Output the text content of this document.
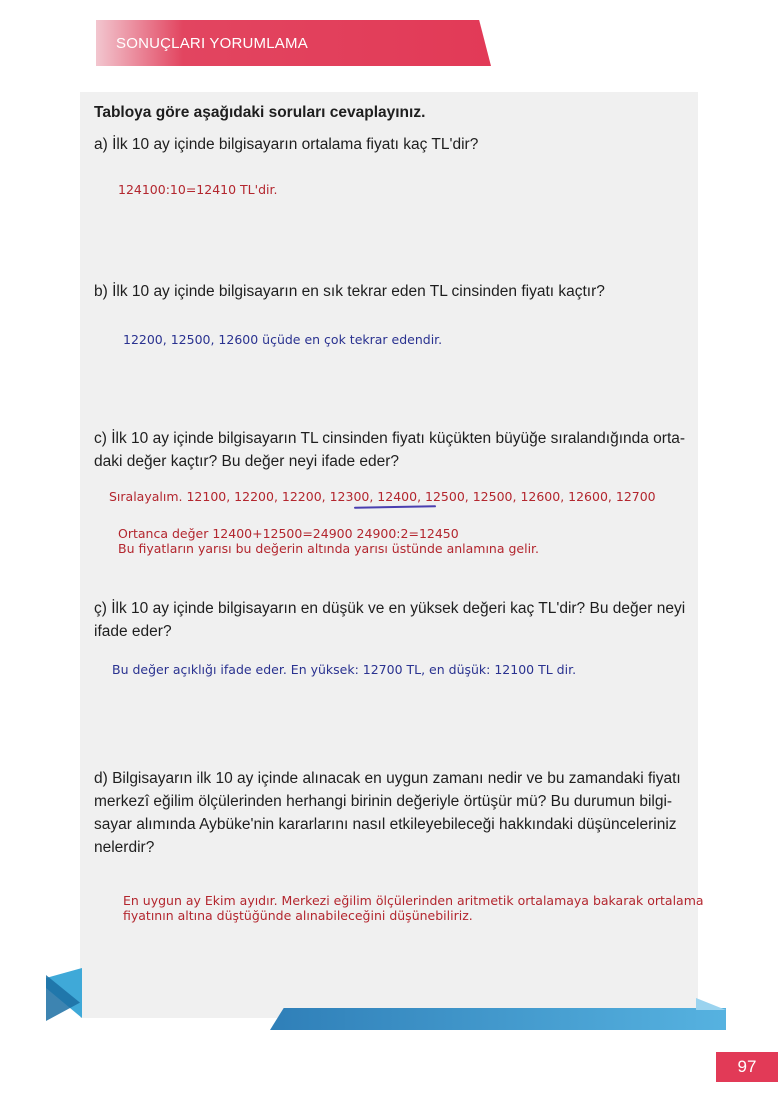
SONUÇLARI YORUMLAMA

Tabloya göre aşağıdaki soruları cevaplayınız.

a) İlk 10 ay içinde bilgisayarın ortalama fiyatı kaç TL'dir?

124100:10=12410 TL'dir.

b) İlk 10 ay içinde bilgisayarın en sık tekrar eden TL cinsinden fiyatı kaçtır?

12200, 12500, 12600 üçüde en çok tekrar edendir.

c) İlk 10 ay içinde bilgisayarın TL cinsinden fiyatı küçükten büyüğe sıralandığında orta-

daki değer kaçtır? Bu değer neyi ifade eder?

Sıralayalım. 12100, 12200, 12200, 12300, 12400, 12500, 12500, 12600, 12600, 12700

Ortanca değer 12400+12500=24900 24900:2=12450

Bu fiyatların yarısı bu değerin altında yarısı üstünde anlamına gelir.

ç) İlk 10 ay içinde bilgisayarın en düşük ve en yüksek değeri kaç TL'dir? Bu değer neyi

ifade eder?

Bu değer açıklığı ifade eder. En yüksek: 12700 TL, en düşük: 12100 TL dir.

d) Bilgisayarın ilk 10 ay içinde alınacak en uygun zamanı nedir ve bu zamandaki fiyatı

merkezî eğilim ölçülerinden herhangi birinin değeriyle örtüşür mü? Bu durumun bilgi-

sayar alımında Aybüke'nin kararlarını nasıl etkileyebileceği hakkındaki düşünceleriniz

nelerdir?

En uygun ay Ekim ayıdır. Merkezi eğilim ölçülerinden aritmetik ortalamaya bakarak ortalama

fiyatının altına düştüğünde alınabileceğini düşünebiliriz.

97
